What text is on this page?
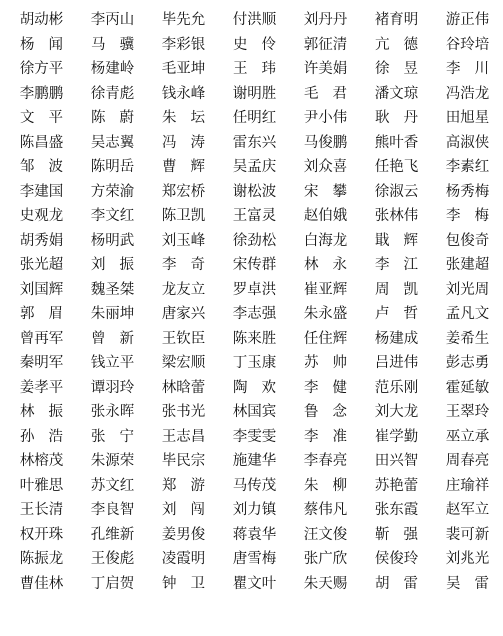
胡动彬	李丙山	毕先允	付洪顺	刘丹丹	褚育明	游正伟
杨闻 马骥 李彩银	史伶 郭征清	亢德 谷玲培
徐方平	杨建岭	毛亚坤	王玮 许美娟	徐昱 李川
李鹏鹏	徐青彪	钱永峰	谢明胜	毛君 潘文琼	冯浩龙
文平 陈蔚 朱坛 任明红	尹小伟	耿丹 田旭星
陈昌盛	吴志翼	冯涛 雷东兴	马俊鹏	熊叶香	高淑侠
邹波 陈明岳	曹辉 吴孟庆	刘众喜	任艳飞	李素红
李建国	方荣渝	郑宏桥	谢松波	宋攀 徐淑云	杨秀梅
史观龙	李文红	陈卫凯	王富灵	赵伯娥	张林伟	李梅
胡秀娟	杨明武	刘玉峰	徐劲松	白海龙	戢辉 包俊奇
张光超	刘振 李奇 宋传群	林永 李江 张建超
刘国辉	魏圣桀	龙友立	罗卓洪	崔亚辉	周凯 刘光周
郭眉 朱丽坤	唐家兴	李志强	朱永盛	卢哲 孟凡文
曾再军	曾新 王钦臣	陈来胜	任住辉	杨建成	姜希生
秦明军	钱立平	梁宏顺	丁玉康	苏帅 吕进伟	彭志勇
姜孝平	谭羽玲	林晗蕾	陶欢 李健 范乐刚	霍延敏
林振 张永晖	张书光	林国宾	鲁念 刘大龙	王翠玲
孙浩 张宁 王志昌	李雯雯	李准 崔学勤	巫立承
林榕茂	朱源荣	毕民宗	施建华	李春亮	田兴智	周春亮
叶雅思	苏文红	郑游 马传茂	朱柳 苏艳蕾	庄瑜祥
王长清	李良智	刘闯 刘力镇	蔡伟凡	张东霞	赵军立
权开珠	孔维新	姜男俊	蒋袁华	汪文俊	靳强 裴可新
陈振龙	王俊彪	凌霞明	唐雪梅	张广欣	侯俊玲	刘兆光
曹佳林	丁启贺	钟卫 瞿文叶	朱天赐	胡雷 吴雷
